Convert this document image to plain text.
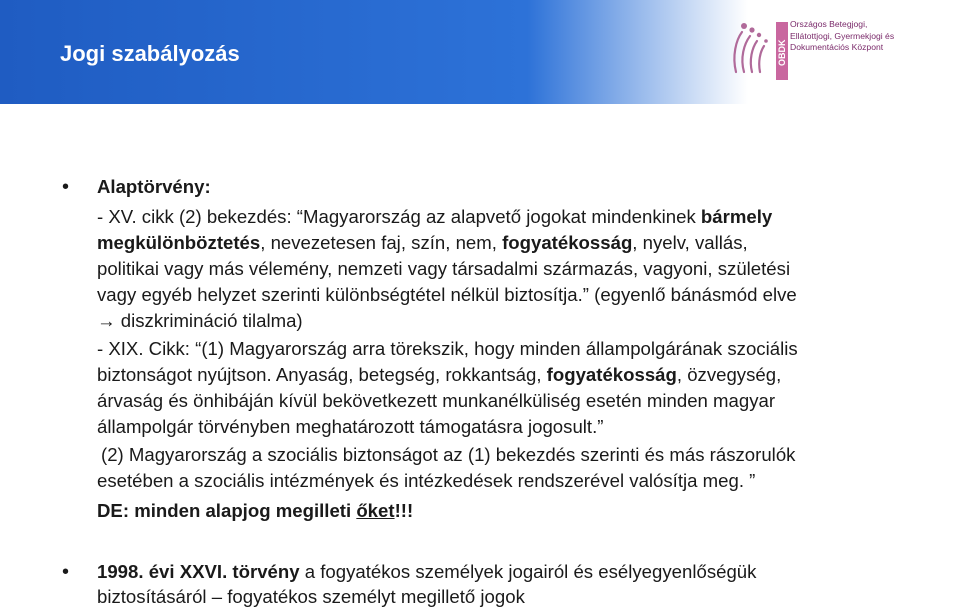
Jogi szabályozás	OBDK
Országos Betegjogi,
Ellátottjogi, Gyermekjogi és
Dokumentációs Központ
• Alaptörvény:
- XV. cikk (2) bekezdés: “Magyarország az alapvető jogokat mindenkinek bármely
megkülönböztetés, nevezetesen faj, szín, nem, fogyatékosság, nyelv, vallás,
politikai vagy más vélemény, nemzeti vagy társadalmi származás, vagyoni, születési
vagy egyéb helyzet szerinti különbségtétel nélkül biztosítja.” (egyenlő bánásmód elve
→ diszkrimináció tilalma)
- XIX. Cikk: “(1) Magyarország arra törekszik, hogy minden állampolgárának szociális
biztonságot nyújtson. Anyaság, betegség, rokkantság, fogyatékosság, özvegység,
árvaság és önhibáján kívül bekövetkezett munkanélküliség esetén minden magyar
állampolgár törvényben meghatározott támogatásra jogosult.”
(2) Magyarország a szociális biztonságot az (1) bekezdés szerinti és más rászorulók
esetében a szociális intézmények és intézkedések rendszerével valósítja meg. ”
DE: minden alapjog megilleti őket!!!
• 1998. évi XXVI. törvény a fogyatékos személyek jogairól és esélyegyenlőségük
biztosításáról – fogyatékos személyt megillető jogok
